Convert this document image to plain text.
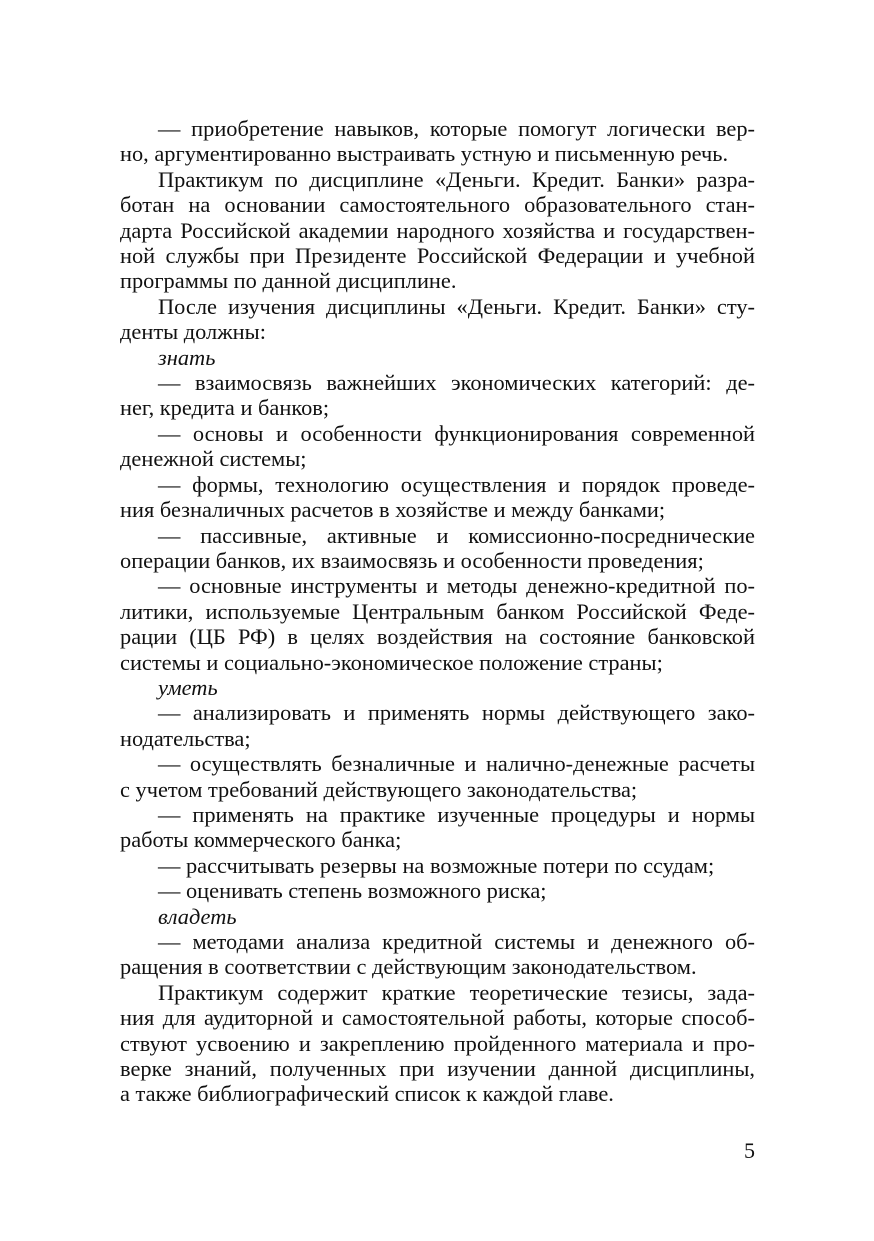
— приобретение навыков, которые помогут логически вер-
но, аргументированно выстраивать устную и письменную речь.
Практикум по дисциплине «Деньги. Кредит. Банки» разра-
ботан на основании самостоятельного образовательного стан-
дарта Российской академии народного хозяйства и государствен-
ной службы при Президенте Российской Федерации и учебной
программы по данной дисциплине.
После изучения дисциплины «Деньги. Кредит. Банки» сту-
денты должны:
знать
— взаимосвязь важнейших экономических категорий: де-
нег, кредита и банков;
— основы и особенности функционирования современной
денежной системы;
— формы, технологию осуществления и порядок проведе-
ния безналичных расчетов в хозяйстве и между банками;
— пассивные, активные и комиссионно-посреднические
операции банков, их взаимосвязь и особенности проведения;
— основные инструменты и методы денежно-кредитной по-
литики, используемые Центральным банком Российской Феде-
рации (ЦБ РФ) в целях воздействия на состояние банковской
системы и социально-экономическое положение страны;
уметь
— анализировать и применять нормы действующего зако-
нодательства;
— осуществлять безналичные и налично-денежные расчеты
с учетом требований действующего законодательства;
— применять на практике изученные процедуры и нормы
работы коммерческого банка;
— рассчитывать резервы на возможные потери по ссудам;
— оценивать степень возможного риска;
владеть
— методами анализа кредитной системы и денежного об-
ращения в соответствии с действующим законодательством.
Практикум содержит краткие теоретические тезисы, зада-
ния для аудиторной и самостоятельной работы, которые способ-
ствуют усвоению и закреплению пройденного материала и про-
верке знаний, полученных при изучении данной дисциплины,
а также библиографический список к каждой главе.
5
